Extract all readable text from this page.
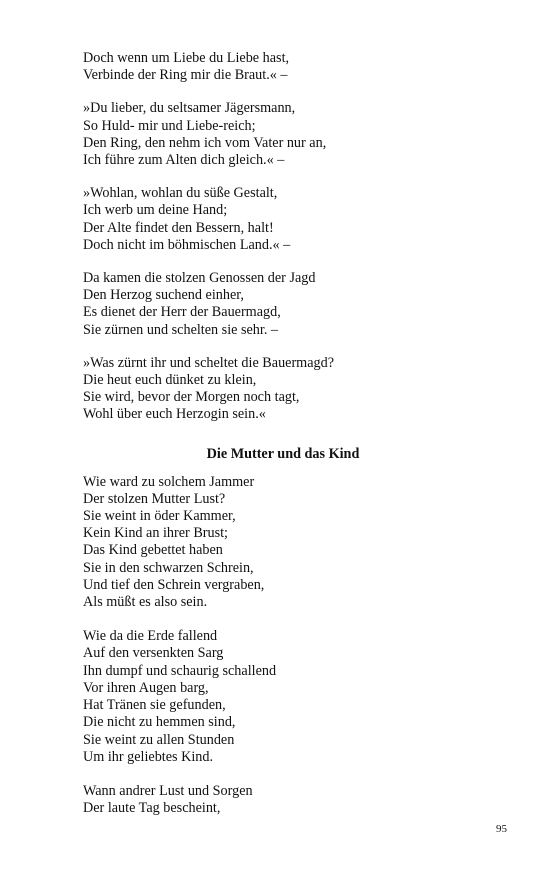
Doch wenn um Liebe du Liebe hast,
Verbinde der Ring mir die Braut.« –
»Du lieber, du seltsamer Jägersmann,
So Huld- mir und Liebe-reich;
Den Ring, den nehm ich vom Vater nur an,
Ich führe zum Alten dich gleich.« –
»Wohlan, wohlan du süße Gestalt,
Ich werb um deine Hand;
Der Alte findet den Bessern, halt!
Doch nicht im böhmischen Land.« –
Da kamen die stolzen Genossen der Jagd
Den Herzog suchend einher,
Es dienet der Herr der Bauermagd,
Sie zürnen und schelten sie sehr. –
»Was zürnt ihr und scheltet die Bauermagd?
Die heut euch dünket zu klein,
Sie wird, bevor der Morgen noch tagt,
Wohl über euch Herzogin sein.«
Die Mutter und das Kind
Wie ward zu solchem Jammer
Der stolzen Mutter Lust?
Sie weint in öder Kammer,
Kein Kind an ihrer Brust;
Das Kind gebettet haben
Sie in den schwarzen Schrein,
Und tief den Schrein vergraben,
Als müßt es also sein.
Wie da die Erde fallend
Auf den versenkten Sarg
Ihn dumpf und schaurig schallend
Vor ihren Augen barg,
Hat Tränen sie gefunden,
Die nicht zu hemmen sind,
Sie weint zu allen Stunden
Um ihr geliebtes Kind.
Wann andrer Lust und Sorgen
Der laute Tag bescheint,
95
